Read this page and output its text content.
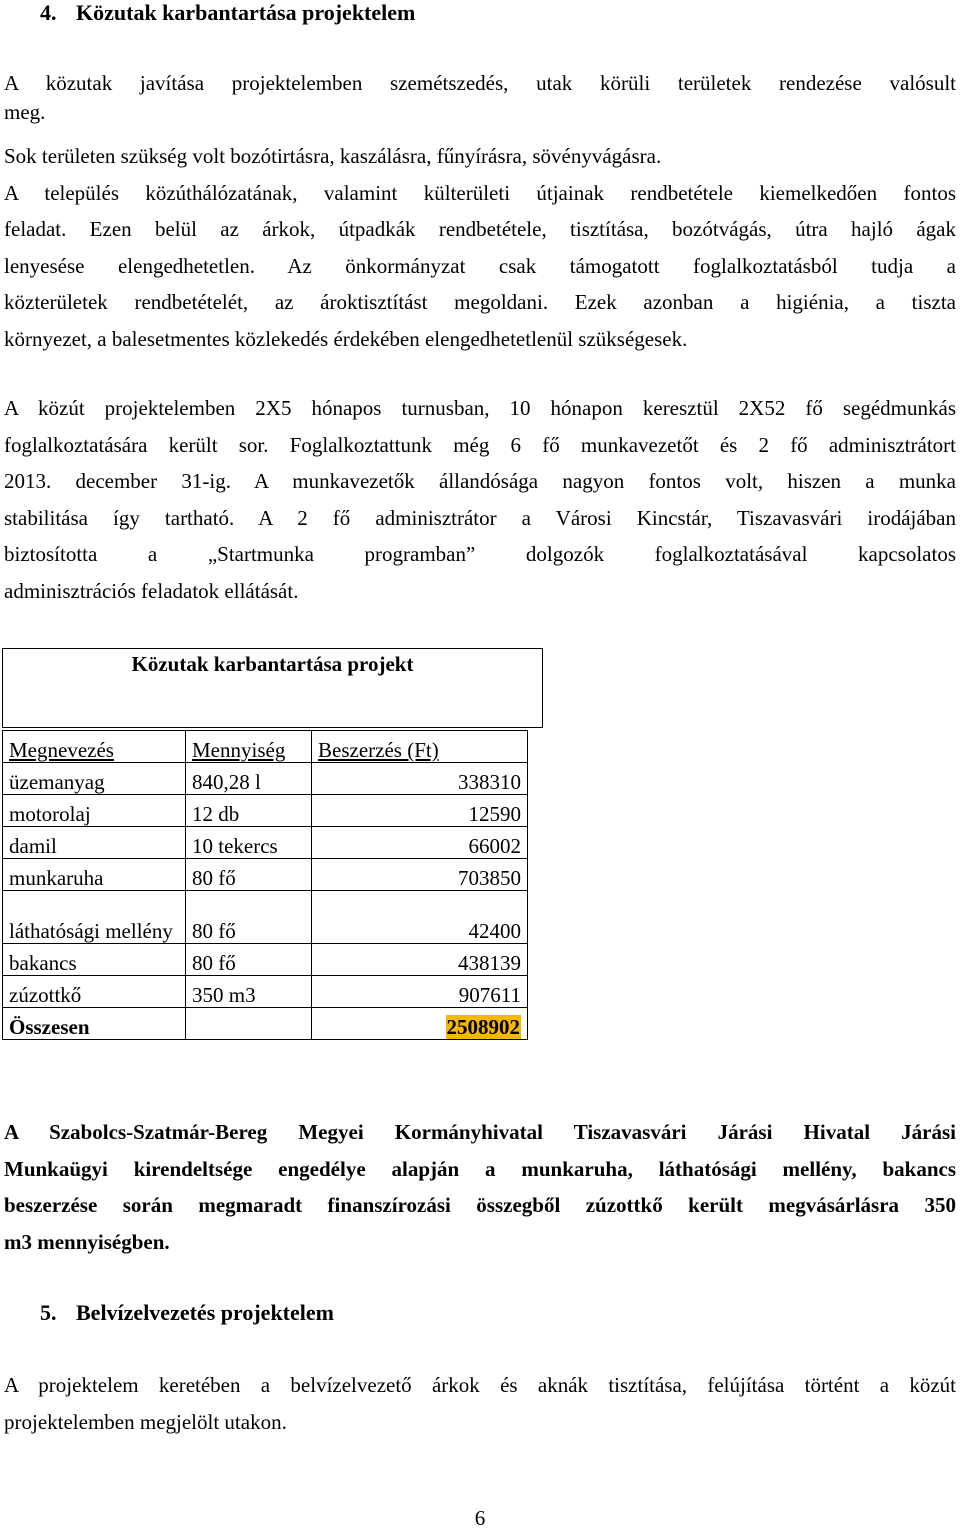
4. Közutak karbantartása projektelem
A közutak javítása projektelemben szemétszedés, utak körüli területek rendezése valósult
meg.
Sok területen szükség volt bozótirtásra, kaszálásra, fűnyírásra, sövényvágásra.
A település közúthálózatának, valamint külterületi útjainak rendbetétele kiemelkedően fontos
feladat. Ezen belül az árkok, útpadkák rendbetétele, tisztítása, bozótvágás, útra hajló ágak
lenyesése elengedhetetlen. Az önkormányzat csak támogatott foglalkoztatásból tudja a
közterületek rendbetételét, az ároktisztítást megoldani. Ezek azonban a higiénia, a tiszta
környezet, a balesetmentes közlekedés érdekében elengedhetetlenül szükségesek.
A közút projektelemben 2X5 hónapos turnusban, 10 hónapon keresztül 2X52 fő segédmunkás
foglalkoztatására került sor. Foglalkoztattunk még 6 fő munkavezetőt és 2 fő adminisztrátort
2013. december 31-ig. A munkavezetők állandósága nagyon fontos volt, hiszen a munka
stabilitása így tartható. A 2 fő adminisztrátor a Városi Kincstár, Tiszavasvári irodájában
biztosította a „Startmunka programban” dolgozók foglalkoztatásával kapcsolatos
adminisztrációs feladatok ellátását.
Közutak karbantartása projekt
Megnevezés	Mennyiség	Beszerzés (Ft)
üzemanyag	840,28 l	338310
motorolaj	12 db	12590
damil	10 tekercs	66002
munkaruha	80 fő	703850
láthatósági mellény	80 fő	42400
bakancs	80 fő	438139
zúzottkő	350 m3	907611
Összesen		2508902
A Szabolcs-Szatmár-Bereg Megyei Kormányhivatal Tiszavasvári Járási Hivatal Járási
Munkaügyi kirendeltsége engedélye alapján a munkaruha, láthatósági mellény, bakancs
beszerzése során megmaradt finanszírozási összegből zúzottkő került megvásárlásra 350
m3 mennyiségben.
5. Belvízelvezetés projektelem
A projektelem keretében a belvízelvezető árkok és aknák tisztítása, felújítása történt a közút
projektelemben megjelölt utakon.
6
